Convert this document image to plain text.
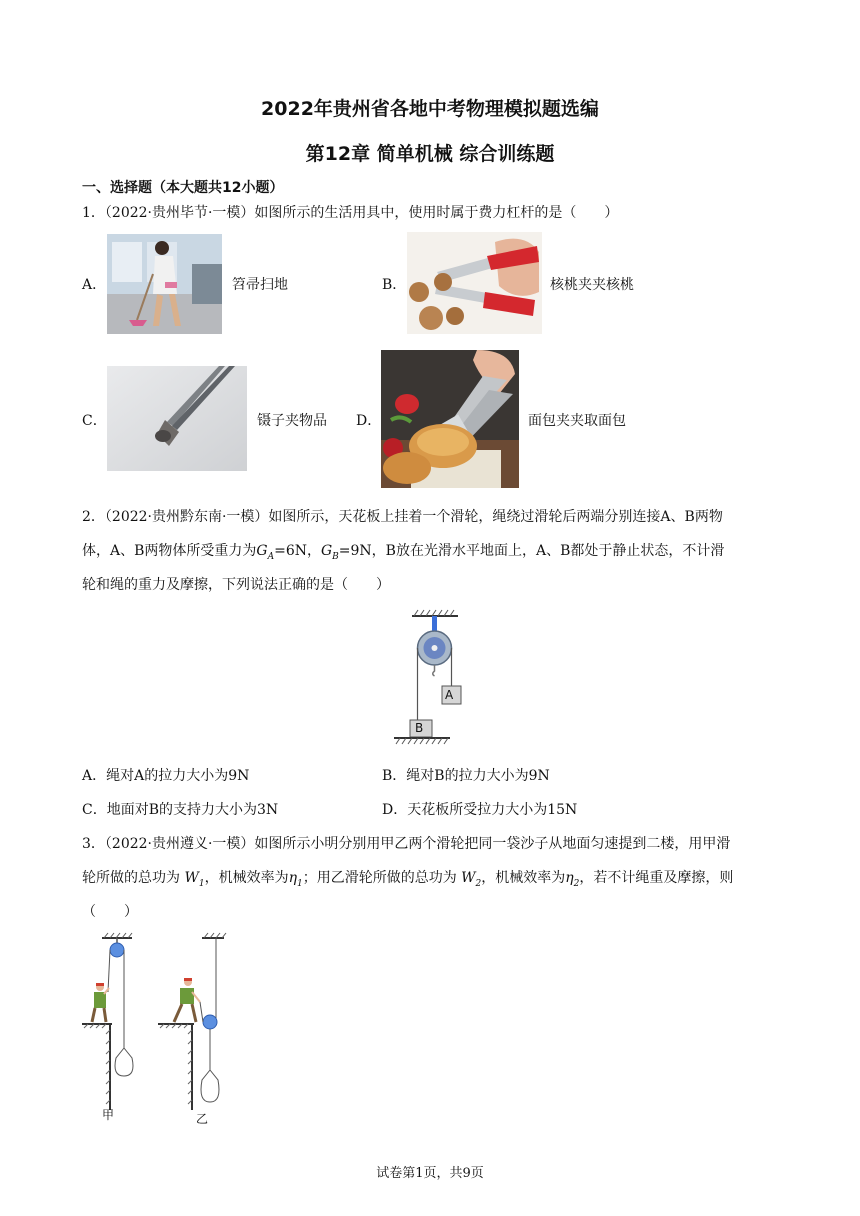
2022年贵州省各地中考物理模拟题选编
第12章 简单机械 综合训练题
一、选择题（本大题共12小题）
1．（2022·贵州毕节·一模）如图所示的生活用具中，使用时属于费力杠杆的是（　　）
A．	笤帚扫地	B．	核桃夹夹核桃
C．	镊子夹物品 D．	面包夹夹取面包
2．（2022·贵州黔东南·一模）如图所示，天花板上挂着一个滑轮，绳绕过滑轮后两端分别连接A、B两物
体，A、B两物体所受重力为$G_A=6N$，$G_B=9N$，B放在光滑水平地面上，A、B都处于静止状态，不计滑
轮和绳的重力及摩擦，下列说法正确的是（　　）
A
B
A．绳对A的拉力大小为9N	B．绳对B的拉力大小为9N
C．地面对B的支持力大小为3N	D．天花板所受拉力大小为15N
3．（2022·贵州遵义·一模）如图所示小明分别用甲乙两个滑轮把同一袋沙子从地面匀速提到二楼，用甲滑
轮所做的总功为 $W_1$，机械效率为$\eta_1$；用乙滑轮所做的总功为 $W_2$，机械效率为$\eta_2$，若不计绳重及摩擦，则
（　　）
甲	乙
试卷第1页，共9页
